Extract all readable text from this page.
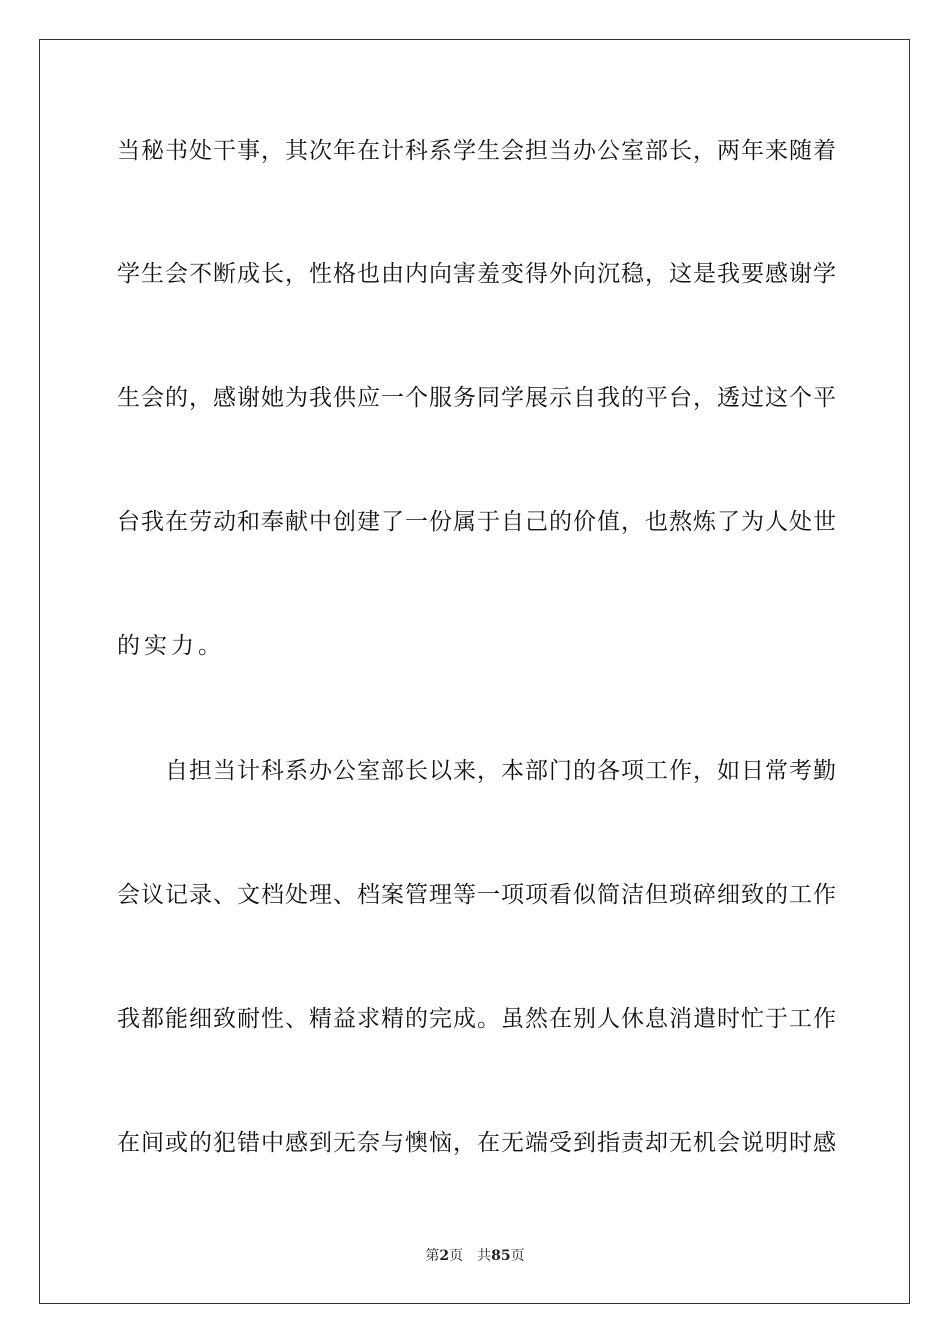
当秘书处干事，其次年在计科系学生会担当办公室部长，两年来随着
学生会不断成长，性格也由内向害羞变得外向沉稳，这是我要感谢学
生会的，感谢她为我供应一个服务同学展示自我的平台，透过这个平
台我在劳动和奉献中创建了一份属于自己的价值，也熬炼了为人处世
的实力。
自担当计科系办公室部长以来，本部门的各项工作，如日常考勤
会议记录、文档处理、档案管理等一项项看似简洁但琐碎细致的工作
我都能细致耐性、精益求精的完成。虽然在别人休息消遣时忙于工作
在间或的犯错中感到无奈与懊恼，在无端受到指责却无机会说明时感
第2页 共85页
